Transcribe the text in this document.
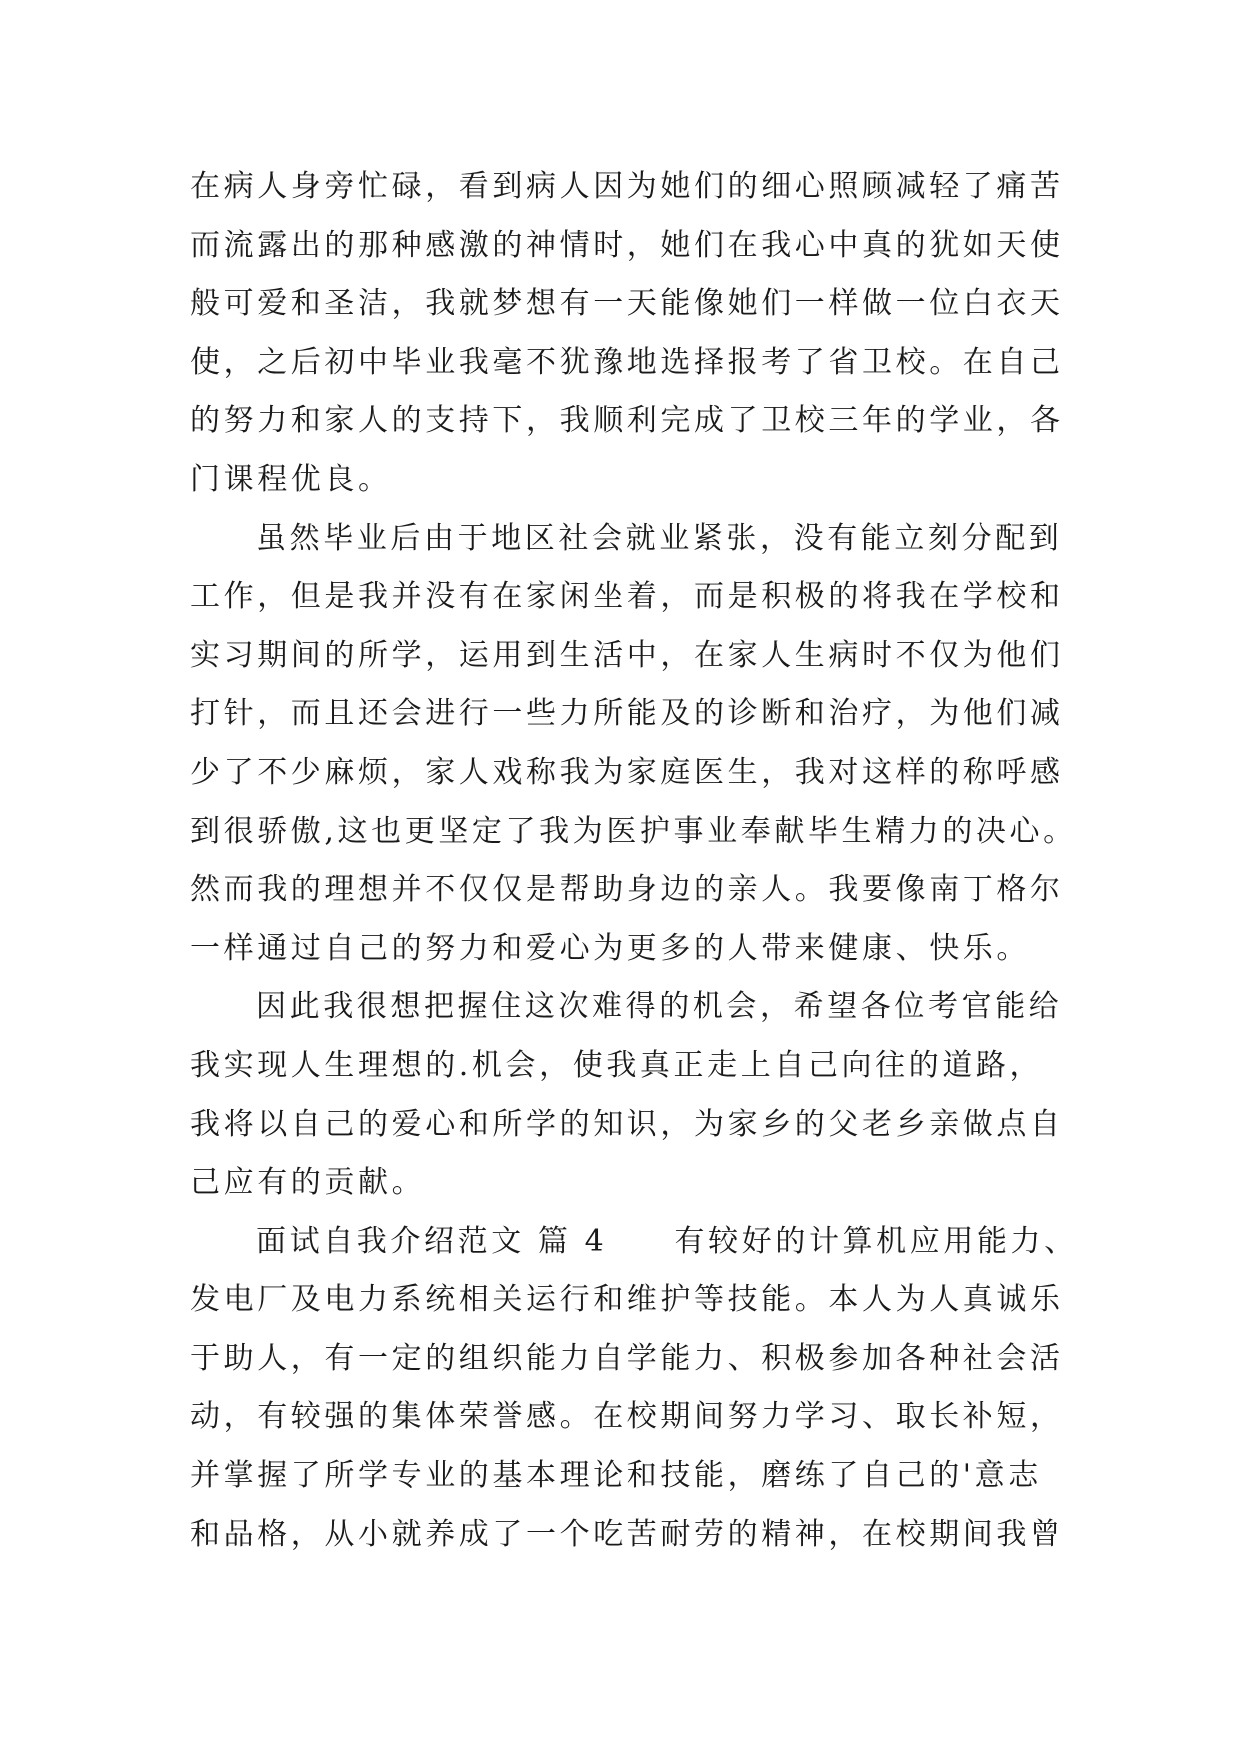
在病人身旁忙碌，看到病人因为她们的细心照顾减轻了痛苦
而流露出的那种感激的神情时，她们在我心中真的犹如天使
般可爱和圣洁，我就梦想有一天能像她们一样做一位白衣天
使，之后初中毕业我毫不犹豫地选择报考了省卫校。在自己
的努力和家人的支持下，我顺利完成了卫校三年的学业，各
门课程优良。
虽然毕业后由于地区社会就业紧张，没有能立刻分配到
工作，但是我并没有在家闲坐着，而是积极的将我在学校和
实习期间的所学，运用到生活中，在家人生病时不仅为他们
打针，而且还会进行一些力所能及的诊断和治疗，为他们减
少了不少麻烦，家人戏称我为家庭医生，我对这样的称呼感
到很骄傲,这也更坚定了我为医护事业奉献毕生精力的决心。
然而我的理想并不仅仅是帮助身边的亲人。我要像南丁格尔
一样通过自己的努力和爱心为更多的人带来健康、快乐。
因此我很想把握住这次难得的机会，希望各位考官能给
我实现人生理想的.机会，使我真正走上自己向往的道路，
我将以自己的爱心和所学的知识，为家乡的父老乡亲做点自
己应有的贡献。
面试自我介绍范文 篇 4　　有较好的计算机应用能力、
发电厂及电力系统相关运行和维护等技能。本人为人真诚乐
于助人，有一定的组织能力自学能力、积极参加各种社会活
动，有较强的集体荣誉感。在校期间努力学习、取长补短，
并掌握了所学专业的基本理论和技能，磨练了自己的'意志
和品格，从小就养成了一个吃苦耐劳的精神，在校期间我曾
